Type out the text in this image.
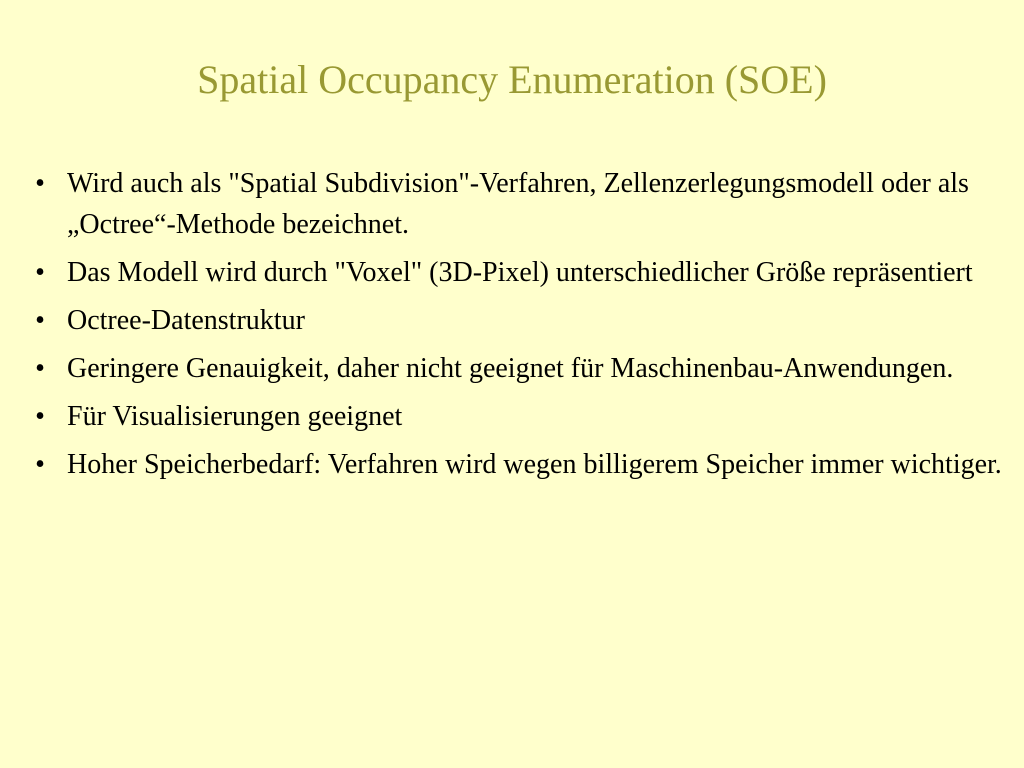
Spatial Occupancy Enumeration (SOE)
• Wird auch als "Spatial Subdivision"-Verfahren, Zellenzerlegungsmodell oder als „Octree“-Methode bezeichnet.
• Das Modell wird durch "Voxel" (3D-Pixel) unterschiedlicher Größe repräsentiert
• Octree-Datenstruktur
• Geringere Genauigkeit, daher nicht geeignet für Maschinenbau-Anwendungen.
• Für Visualisierungen geeignet
• Hoher Speicherbedarf: Verfahren wird wegen billigerem Speicher immer wichtiger.
